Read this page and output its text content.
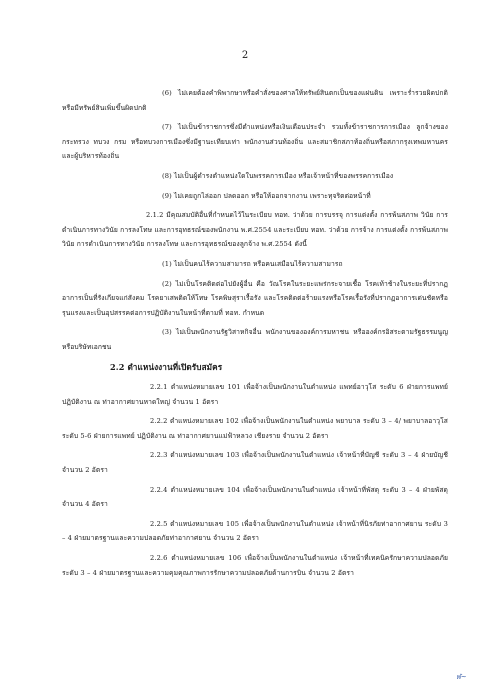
2

(6) ไม่เคยต้องคำพิพากษาหรือคำสั่งของศาลให้ทรัพย์สินตกเป็นของแผ่นดิน เพราะร่ำรวยผิดปกติหรือมีทรัพย์สินเพิ่มขึ้นผิดปกติ

(7) ไม่เป็นข้าราชการซึ่งมีตำแหน่งหรือเงินเดือนประจำ รวมทั้งข้าราชการการเมือง ลูกจ้างของกระทรวง ทบวง กรม หรือทบวงการเมืองซึ่งมีฐานะเทียบเท่า พนักงานส่วนท้องถิ่น และสมาชิกสภาท้องถิ่นหรือสภากรุงเทพมหานครและผู้บริหารท้องถิ่น

(8) ไม่เป็นผู้ดำรงตำแหน่งใดในพรรคการเมือง หรือเจ้าหน้าที่ของพรรคการเมือง

(9) ไม่เคยถูกไล่ออก ปลดออก หรือให้ออกจากงาน เพราะทุจริตต่อหน้าที่

2.1.2 มีคุณสมบัติอื่นที่กำหนดไว้ในระเบียบ ทอท. ว่าด้วย การบรรจุ การแต่งตั้ง การพ้นสภาพ วินัย การดำเนินการทางวินัย การลงโทษ และการอุทธรณ์ของพนักงาน พ.ศ.2554 และระเบียบ ทอท. ว่าด้วย การจ้าง การแต่งตั้ง การพ้นสภาพ วินัย การดำเนินการทางวินัย การลงโทษ และการอุทธรณ์ของลูกจ้าง พ.ศ.2554 ดังนี้

(1) ไม่เป็นคนไร้ความสามารถ หรือคนเสมือนไร้ความสามารถ

(2) ไม่เป็นโรคติดต่อไปยังผู้อื่น คือ วัณโรคในระยะแพร่กระจายเชื้อ โรคเท้าช้างในระยะที่ปรากฏอาการเป็นที่รังเกียจแก่สังคม โรคยาเสพติดให้โทษ โรคพิษสุราเรื้อรัง และโรคติดต่อร้ายแรงหรือโรคเรื้อรังที่ปรากฏอาการเด่นชัดหรือรุนแรงและเป็นอุปสรรคต่อการปฏิบัติงานในหน้าที่ตามที่ ทอท. กำหนด

(3) ไม่เป็นพนักงานรัฐวิสาหกิจอื่น พนักงานขององค์การมหาชน หรือองค์กรอิสระตามรัฐธรรมนูญ หรือบริษัทเอกชน

2.2 ตำแหน่งงานที่เปิดรับสมัคร

2.2.1 ตำแหน่งหมายเลข 101 เพื่อจ้างเป็นพนักงานในตำแหน่ง แพทย์อาวุโส ระดับ 6 ฝ่ายการแพทย์ ปฏิบัติงาน ณ ท่าอากาศยานหาดใหญ่ จำนวน 1 อัตรา

2.2.2 ตำแหน่งหมายเลข 102 เพื่อจ้างเป็นพนักงานในตำแหน่ง พยาบาล ระดับ 3 – 4/ พยาบาลอาวุโส ระดับ 5-6 ฝ่ายการแพทย์ ปฏิบัติงาน ณ ท่าอากาศยานแม่ฟ้าหลวง เชียงราย จำนวน 2 อัตรา

2.2.3 ตำแหน่งหมายเลข 103 เพื่อจ้างเป็นพนักงานในตำแหน่ง เจ้าหน้าที่บัญชี ระดับ 3 – 4 ฝ่ายบัญชี จำนวน 2 อัตรา

2.2.4 ตำแหน่งหมายเลข 104 เพื่อจ้างเป็นพนักงานในตำแหน่ง เจ้าหน้าที่พัสดุ ระดับ 3 – 4 ฝ่ายพัสดุ จำนวน 4 อัตรา

2.2.5 ตำแหน่งหมายเลข 105 เพื่อจ้างเป็นพนักงานในตำแหน่ง เจ้าหน้าที่นิรภัยท่าอากาศยาน ระดับ 3 – 4 ฝ่ายมาตรฐานและความปลอดภัยท่าอากาศยาน จำนวน 2 อัตรา

2.2.6 ตำแหน่งหมายเลข 106 เพื่อจ้างเป็นพนักงานในตำแหน่ง เจ้าหน้าที่เทคนิครักษาความปลอดภัย ระดับ 3 – 4 ฝ่ายมาตรฐานและความคุมคุณภาพการรักษาความปลอดภัยด้านการบิน จำนวน 2 อัตรา

ฬ~
